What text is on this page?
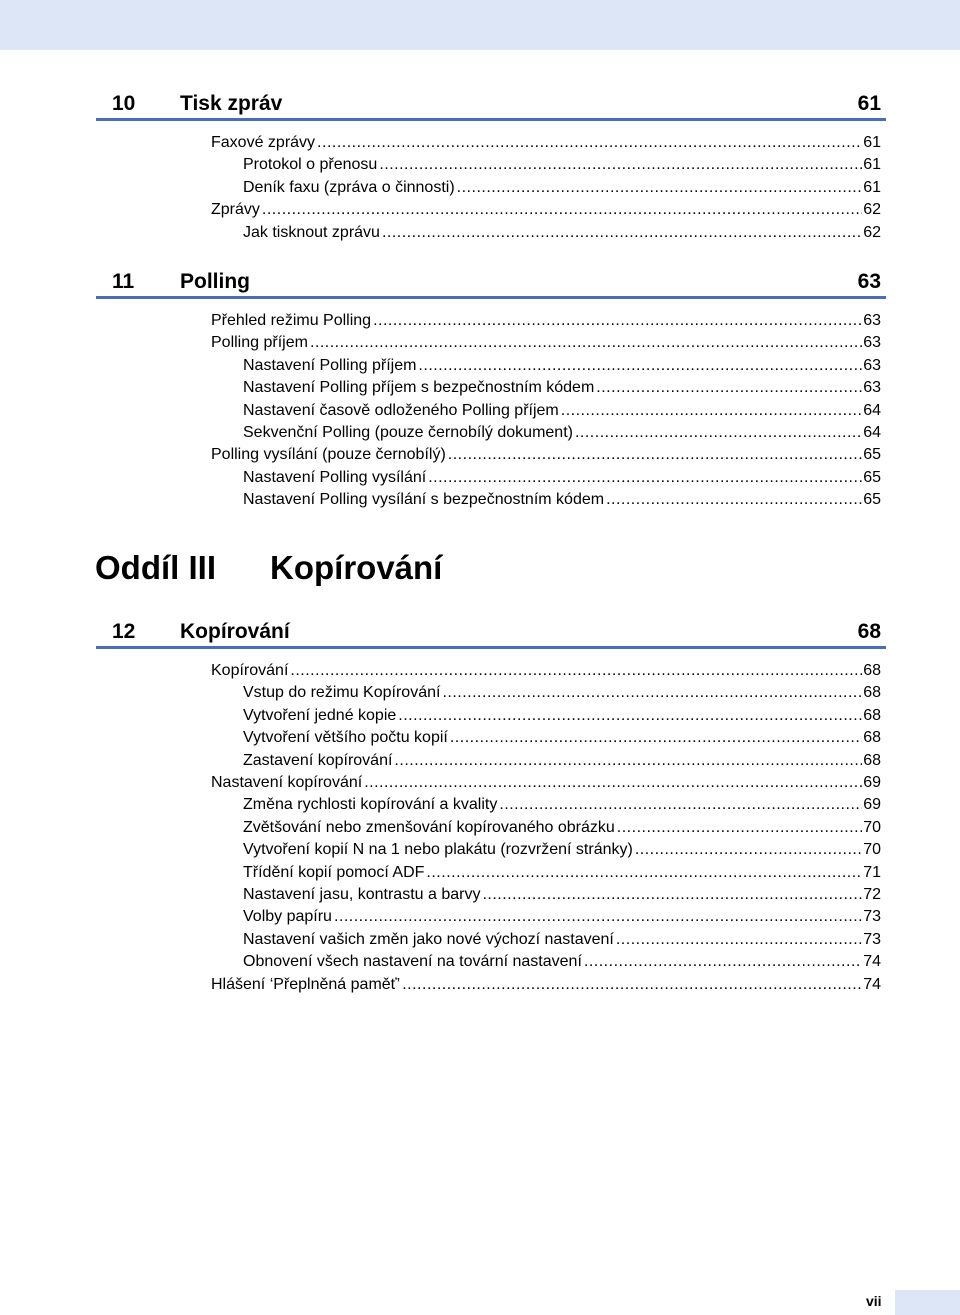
Oddíl III Kopírování
vii
10 Tisk zpráv	61
Faxové zprávy .....	61
Protokol o přenosu .....	61
Deník faxu (zpráva o činnosti) .....	61
Zprávy .....	62
Jak tisknout zprávu .....	62
11 Polling	63
Přehled režimu Polling .....	63
Polling příjem .....	63
Nastavení Polling příjem .....	63
Nastavení Polling příjem s bezpečnostním kódem .....	63
Nastavení časově odloženého Polling příjem .....	64
Sekvenční Polling (pouze černobílý dokument) .....	64
Polling vysílání (pouze černobílý) .....	65
Nastavení Polling vysílání .....	65
Nastavení Polling vysílání s bezpečnostním kódem .....	65
12 Kopírování	68
Kopírování .....	68
Vstup do režimu Kopírování .....	68
Vytvoření jedné kopie .....	68
Vytvoření většího počtu kopií .....	68
Zastavení kopírování .....	68
Nastavení kopírování .....	69
Změna rychlosti kopírování a kvality .....	69
Zvětšování nebo zmenšování kopírovaného obrázku .....	70
Vytvoření kopií N na 1 nebo plakátu (rozvržení stránky) .....	70
Třídění kopií pomocí ADF .....	71
Nastavení jasu, kontrastu a barvy .....	72
Volby papíru .....	73
Nastavení vašich změn jako nové výchozí nastavení .....	73
Obnovení všech nastavení na tovární nastavení .....	74
Hlášení ‘Přeplněná paměť’ .....	74
